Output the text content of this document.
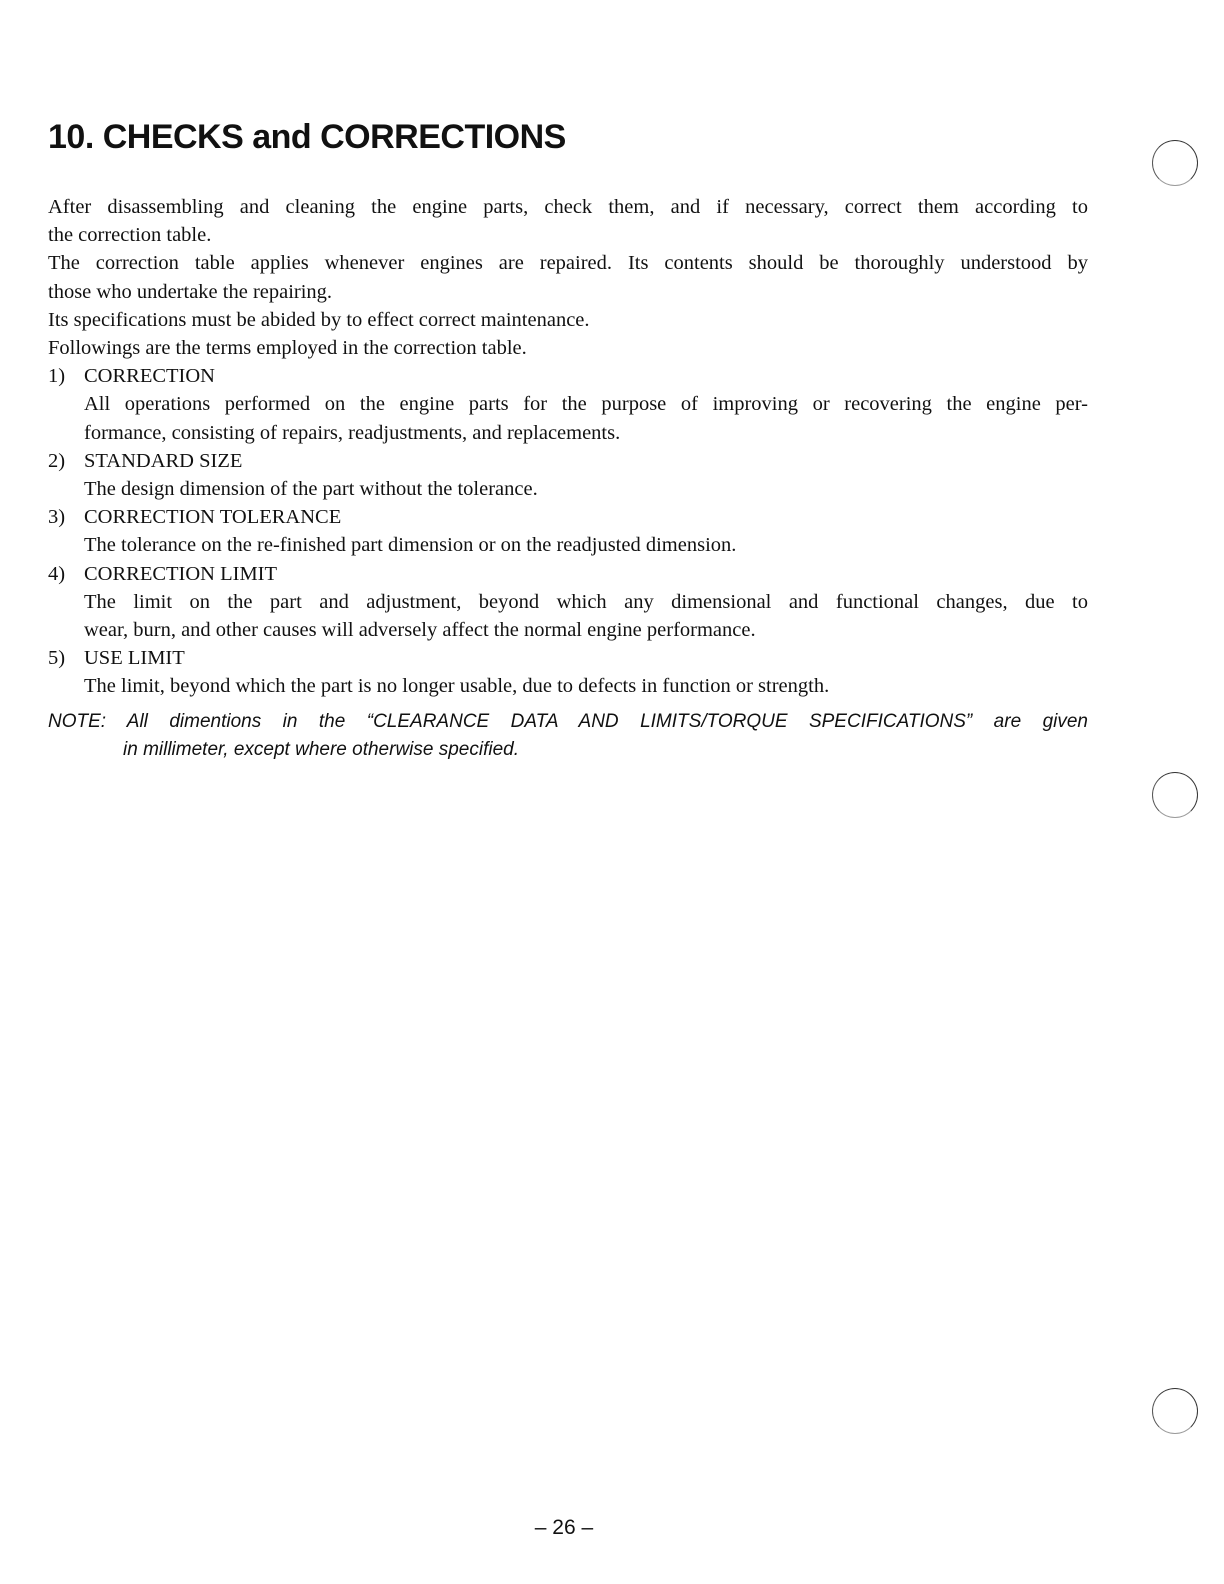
10. CHECKS and CORRECTIONS

After disassembling and cleaning the engine parts, check them, and if necessary, correct them according to

the correction table.

The correction table applies whenever engines are repaired. Its contents should be thoroughly understood by

those who undertake the repairing.

Its specifications must be abided by to effect correct maintenance.

Followings are the terms employed in the correction table.

1) CORRECTION

All operations performed on the engine parts for the purpose of improving or recovering the engine per-

formance, consisting of repairs, readjustments, and replacements.

2) STANDARD SIZE

The design dimension of the part without the tolerance.

3) CORRECTION TOLERANCE

The tolerance on the re-finished part dimension or on the readjusted dimension.

4) CORRECTION LIMIT

The limit on the part and adjustment, beyond which any dimensional and functional changes, due to

wear, burn, and other causes will adversely affect the normal engine performance.

5) USE LIMIT

The limit, beyond which the part is no longer usable, due to defects in function or strength.

NOTE: All dimentions in the “CLEARANCE DATA AND LIMITS/TORQUE SPECIFICATIONS” are given
in millimeter, except where otherwise specified.
– 26 –
